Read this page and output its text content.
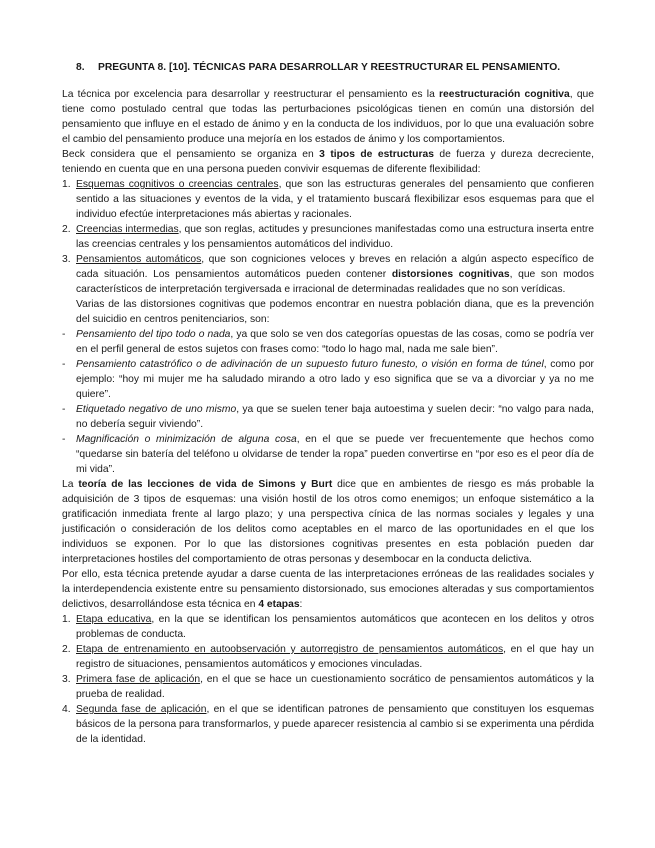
8. PREGUNTA 8. [10]. TÉCNICAS PARA DESARROLLAR Y REESTRUCTURAR EL PENSAMIENTO.

La técnica por excelencia para desarrollar y reestructurar el pensamiento es la reestructuración cognitiva, que tiene como postulado central que todas las perturbaciones psicológicas tienen en común una distorsión del pensamiento que influye en el estado de ánimo y en la conducta de los individuos, por lo que una evaluación sobre el cambio del pensamiento produce una mejoría en los estados de ánimo y los comportamientos.

Beck considera que el pensamiento se organiza en 3 tipos de estructuras de fuerza y dureza decreciente, teniendo en cuenta que en una persona pueden convivir esquemas de diferente flexibilidad:

1. Esquemas cognitivos o creencias centrales, que son las estructuras generales del pensamiento que confieren sentido a las situaciones y eventos de la vida, y el tratamiento buscará flexibilizar esos esquemas para que el individuo efectúe interpretaciones más abiertas y racionales.
2. Creencias intermedias, que son reglas, actitudes y presunciones manifestadas como una estructura inserta entre las creencias centrales y los pensamientos automáticos del individuo.
3. Pensamientos automáticos, que son cogniciones veloces y breves en relación a algún aspecto específico de cada situación. Los pensamientos automáticos pueden contener distorsiones cognitivas, que son modos característicos de interpretación tergiversada e irracional de determinadas realidades que no son verídicas.

Varias de las distorsiones cognitivas que podemos encontrar en nuestra población diana, que es la prevención del suicidio en centros penitenciarios, son:

- Pensamiento del tipo todo o nada, ya que solo se ven dos categorías opuestas de las cosas, como se podría ver en el perfil general de estos sujetos con frases como: “todo lo hago mal, nada me sale bien”.
- Pensamiento catastrófico o de adivinación de un supuesto futuro funesto, o visión en forma de túnel, como por ejemplo: “hoy mi mujer me ha saludado mirando a otro lado y eso significa que se va a divorciar y ya no me quiere”.
- Etiquetado negativo de uno mismo, ya que se suelen tener baja autoestima y suelen decir: “no valgo para nada, no debería seguir viviendo”.
- Magnificación o minimización de alguna cosa, en el que se puede ver frecuentemente que hechos como “quedarse sin batería del teléfono u olvidarse de tender la ropa” pueden convertirse en “por eso es el peor día de mi vida”.

La teoría de las lecciones de vida de Simons y Burt dice que en ambientes de riesgo es más probable la adquisición de 3 tipos de esquemas: una visión hostil de los otros como enemigos; un enfoque sistemático a la gratificación inmediata frente al largo plazo; y una perspectiva cínica de las normas sociales y legales y una justificación o consideración de los delitos como aceptables en el marco de las oportunidades en el que los individuos se exponen. Por lo que las distorsiones cognitivas presentes en esta población pueden dar interpretaciones hostiles del comportamiento de otras personas y desembocar en la conducta delictiva.

Por ello, esta técnica pretende ayudar a darse cuenta de las interpretaciones erróneas de las realidades sociales y la interdependencia existente entre su pensamiento distorsionado, sus emociones alteradas y sus comportamientos delictivos, desarrollándose esta técnica en 4 etapas:

1. Etapa educativa, en la que se identifican los pensamientos automáticos que acontecen en los delitos y otros problemas de conducta.
2. Etapa de entrenamiento en autoobservación y autorregistro de pensamientos automáticos, en el que hay un registro de situaciones, pensamientos automáticos y emociones vinculadas.
3. Primera fase de aplicación, en el que se hace un cuestionamiento socrático de pensamientos automáticos y la prueba de realidad.
4. Segunda fase de aplicación, en el que se identifican patrones de pensamiento que constituyen los esquemas básicos de la persona para transformarlos, y puede aparecer resistencia al cambio si se experimenta una pérdida de la identidad.
